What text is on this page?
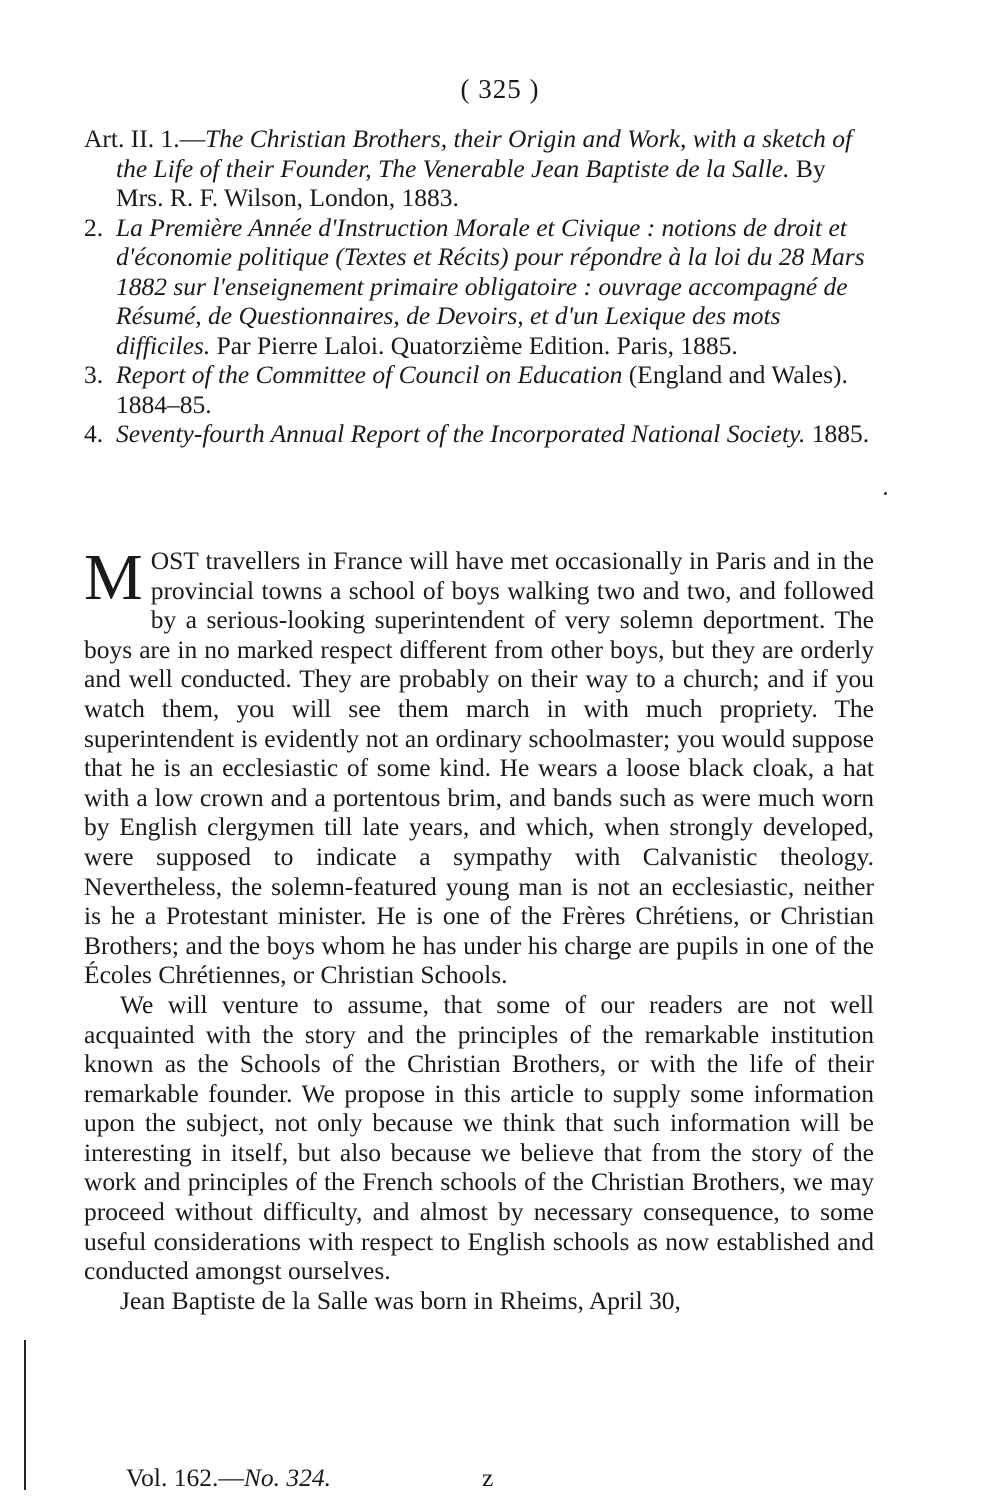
( 325 )
Art. II. 1.—The Christian Brothers, their Origin and Work, with a sketch of the Life of their Founder, The Venerable Jean Baptiste de la Salle. By Mrs. R. F. Wilson, London, 1883.
2. La Première Année d'Instruction Morale et Civique : notions de droit et d'économie politique (Textes et Récits) pour répondre à la loi du 28 Mars 1882 sur l'enseignement primaire obligatoire : ouvrage accompagné de Résumé, de Questionnaires, de Devoirs, et d'un Lexique des mots difficiles. Par Pierre Laloi. Quatorzième Edition. Paris, 1885.
3. Report of the Committee of Council on Education (England and Wales). 1884–85.
4. Seventy-fourth Annual Report of the Incorporated National Society. 1885.

MOST travellers in France will have met occasionally in Paris and in the provincial towns a school of boys walking two and two, and followed by a serious-looking superintendent of very solemn deportment. The boys are in no marked respect different from other boys, but they are orderly and well conducted. They are probably on their way to a church; and if you watch them, you will see them march in with much propriety. The superintendent is evidently not an ordinary schoolmaster; you would suppose that he is an ecclesiastic of some kind. He wears a loose black cloak, a hat with a low crown and a portentous brim, and bands such as were much worn by English clergymen till late years, and which, when strongly developed, were supposed to indicate a sympathy with Calvanistic theology. Nevertheless, the solemn-featured young man is not an ecclesiastic, neither is he a Protestant minister. He is one of the Frères Chrétiens, or Christian Brothers; and the boys whom he has under his charge are pupils in one of the Écoles Chrétiennes, or Christian Schools.

We will venture to assume, that some of our readers are not well acquainted with the story and the principles of the remarkable institution known as the Schools of the Christian Brothers, or with the life of their remarkable founder. We propose in this article to supply some information upon the subject, not only because we think that such information will be interesting in itself, but also because we believe that from the story of the work and principles of the French schools of the Christian Brothers, we may proceed without difficulty, and almost by necessary consequence, to some useful considerations with respect to English schools as now established and conducted amongst ourselves.

Jean Baptiste de la Salle was born in Rheims, April 30,

Vol. 162.—No. 324.	z
